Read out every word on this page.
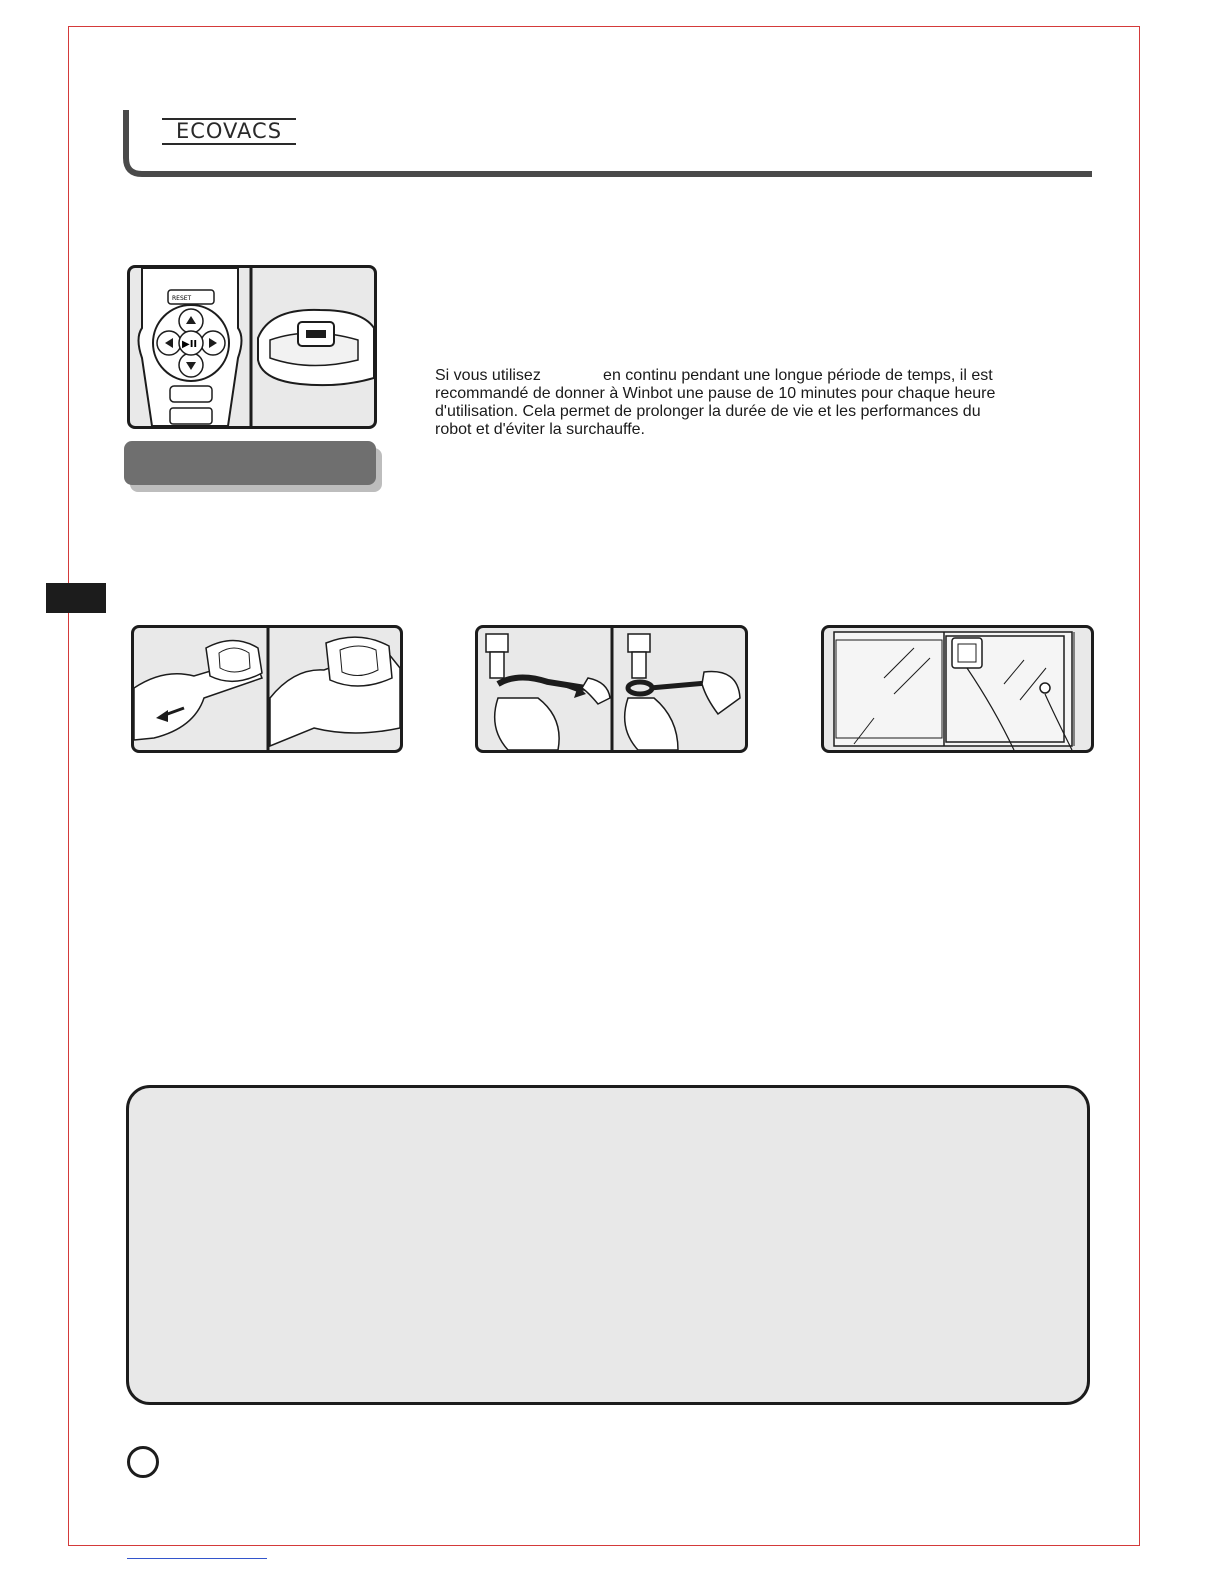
ECOVACS
RESET
▶II
Si vous utilisez              en continu pendant une longue période de temps, il est
recommandé de donner à Winbot une pause de 10 minutes pour chaque heure
d'utilisation. Cela permet de prolonger la durée de vie et les performances du
robot et d'éviter la surchauffe.
